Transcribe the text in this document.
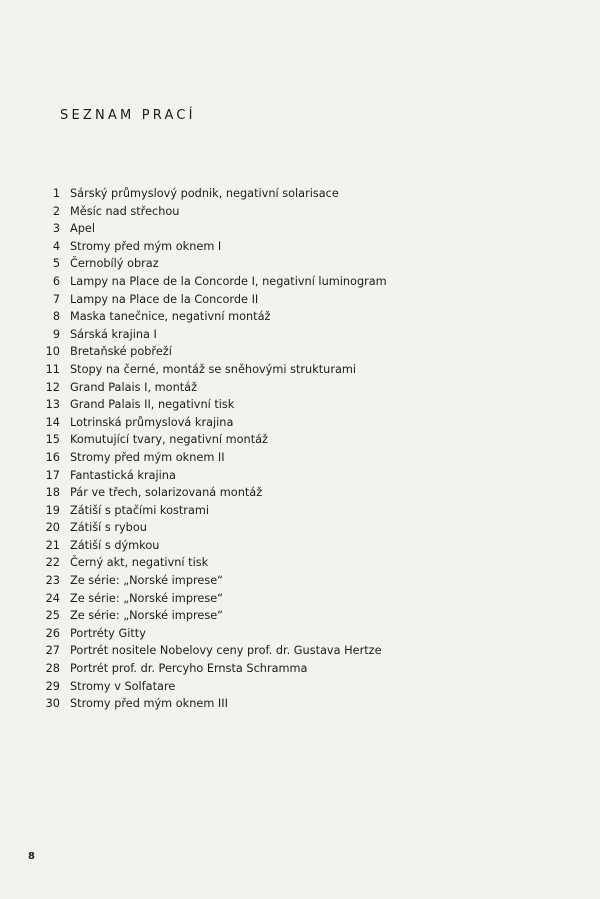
SEZNAM PRACÍ
1 Sárský průmyslový podnik, negativní solarisace
2 Měsíc nad střechou
3 Apel
4 Stromy před mým oknem I
5 Černobílý obraz
6 Lampy na Place de la Concorde I, negativní luminogram
7 Lampy na Place de la Concorde II
8 Maska tanečnice, negativní montáž
9 Sárská krajina I
10 Bretaňské pobřeží
11 Stopy na černé, montáž se sněhovými strukturami
12 Grand Palais I, montáž
13 Grand Palais II, negativní tisk
14 Lotrinská průmyslová krajina
15 Komutující tvary, negativní montáž
16 Stromy před mým oknem II
17 Fantastická krajina
18 Pár ve třech, solarizovaná montáž
19 Zátiší s ptačími kostrami
20 Zátiší s rybou
21 Zátiší s dýmkou
22 Černý akt, negativní tisk
23 Ze série: „Norské imprese“
24 Ze série: „Norské imprese“
25 Ze série: „Norské imprese“
26 Portréty Gitty
27 Portrét nositele Nobelovy ceny prof. dr. Gustava Hertze
28 Portrét prof. dr. Percyho Ernsta Schramma
29 Stromy v Solfatare
30 Stromy před mým oknem III
8
